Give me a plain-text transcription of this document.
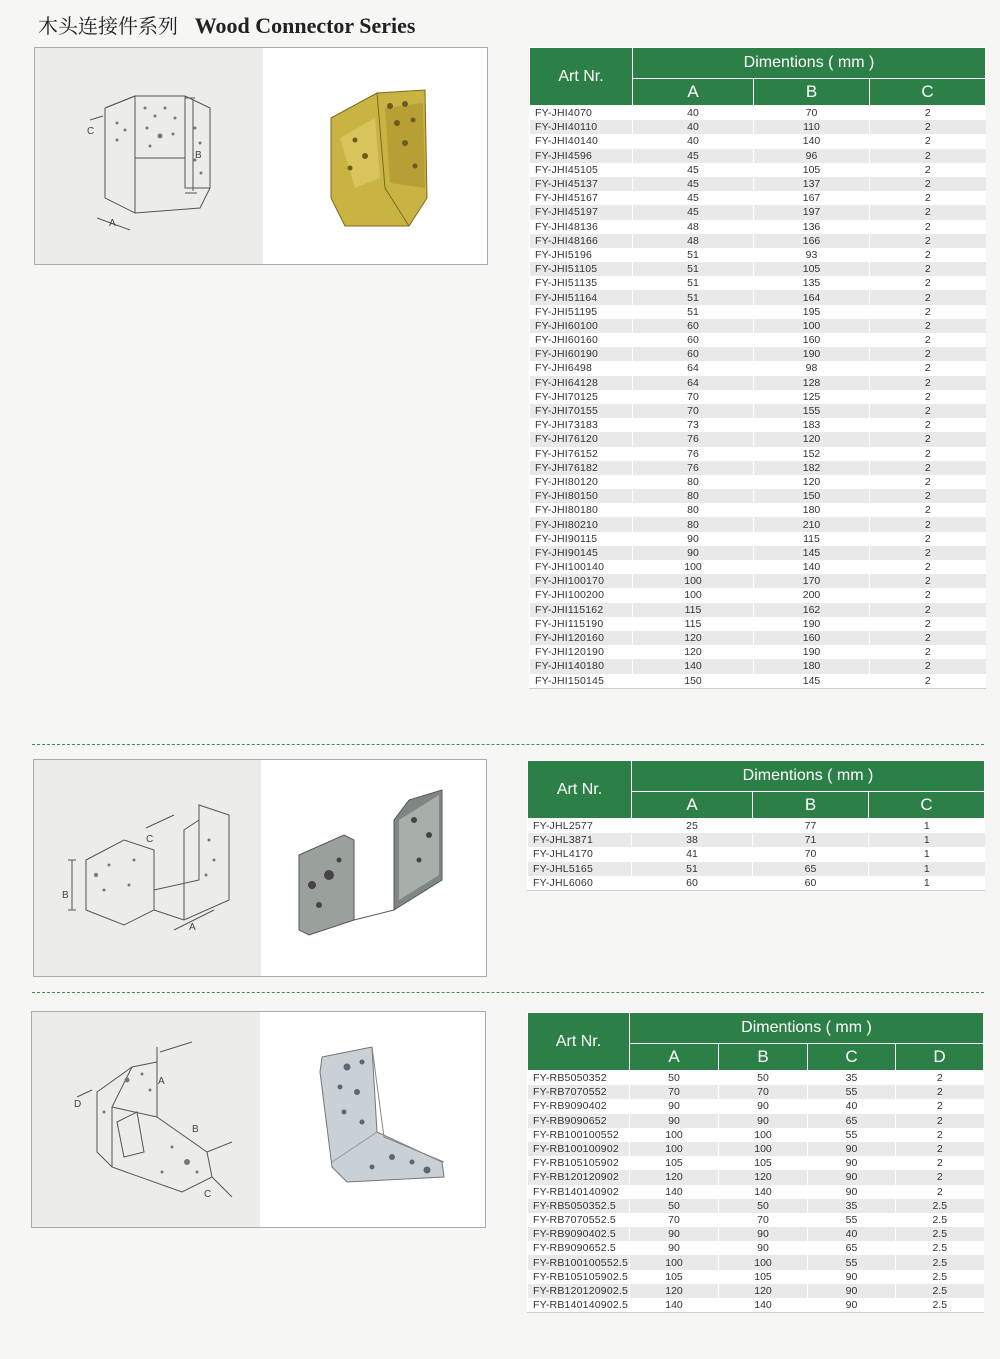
木头连接件系列 Wood Connector Series
A
B
C
Art Nr.	Dimentions ( mm )		
	A	B	C
FY-JHI4070	40	70	2
FY-JHI40110	40	110	2
FY-JHI40140	40	140	2
FY-JHI4596	45	96	2
FY-JHI45105	45	105	2
FY-JHI45137	45	137	2
FY-JHI45167	45	167	2
FY-JHI45197	45	197	2
FY-JHI48136	48	136	2
FY-JHI48166	48	166	2
FY-JHI5196	51	93	2
FY-JHI51105	51	105	2
FY-JHI51135	51	135	2
FY-JHI51164	51	164	2
FY-JHI51195	51	195	2
FY-JHI60100	60	100	2
FY-JHI60160	60	160	2
FY-JHI60190	60	190	2
FY-JHI6498	64	98	2
FY-JHI64128	64	128	2
FY-JHI70125	70	125	2
FY-JHI70155	70	155	2
FY-JHI73183	73	183	2
FY-JHI76120	76	120	2
FY-JHI76152	76	152	2
FY-JHI76182	76	182	2
FY-JHI80120	80	120	2
FY-JHI80150	80	150	2
FY-JHI80180	80	180	2
FY-JHI80210	80	210	2
FY-JHI90115	90	115	2
FY-JHI90145	90	145	2
FY-JHI100140	100	140	2
FY-JHI100170	100	170	2
FY-JHI100200	100	200	2
FY-JHI115162	115	162	2
FY-JHI115190	115	190	2
FY-JHI120160	120	160	2
FY-JHI120190	120	190	2
FY-JHI140180	140	180	2
FY-JHI150145	150	145	2
A
B
C
Art Nr.	Dimentions ( mm )		
	A	B	C
FY-JHL2577	25	77	1
FY-JHL3871	38	71	1
FY-JHL4170	41	70	1
FY-JHL5165	51	65	1
FY-JHL6060	60	60	1
A
B
C
D
Art Nr.	Dimentions ( mm )			
	A	B	C	D
FY-RB5050352	50	50	35	2
FY-RB7070552	70	70	55	2
FY-RB9090402	90	90	40	2
FY-RB9090652	90	90	65	2
FY-RB100100552	100	100	55	2
FY-RB100100902	100	100	90	2
FY-RB105105902	105	105	90	2
FY-RB120120902	120	120	90	2
FY-RB140140902	140	140	90	2
FY-RB5050352.5	50	50	35	2.5
FY-RB7070552.5	70	70	55	2.5
FY-RB9090402.5	90	90	40	2.5
FY-RB9090652.5	90	90	65	2.5
FY-RB100100552.5	100	100	55	2.5
FY-RB105105902.5	105	105	90	2.5
FY-RB120120902.5	120	120	90	2.5
FY-RB140140902.5	140	140	90	2.5
